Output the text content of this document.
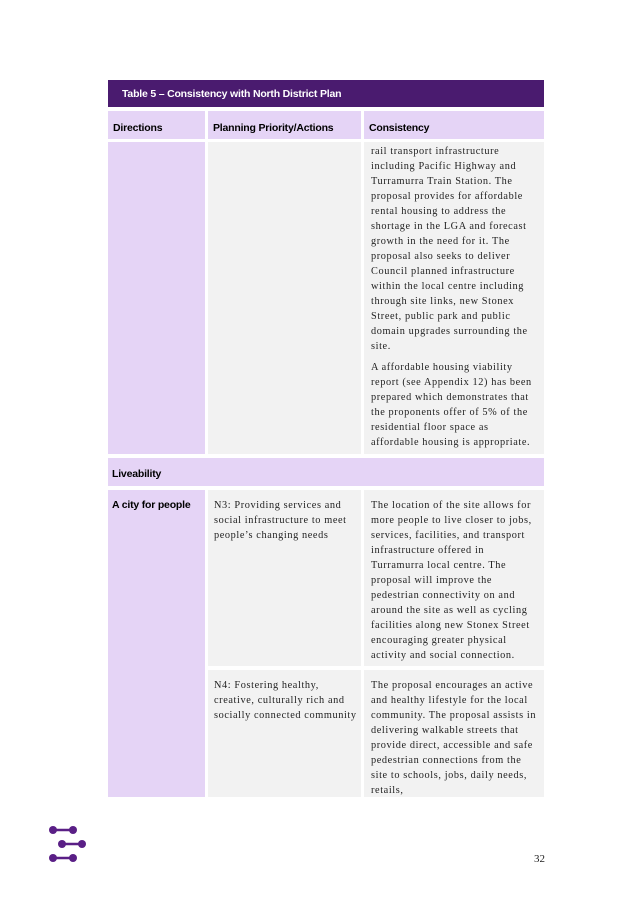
Table 5 – Consistency with North District Plan
Directions	Planning Priority/Actions	Consistency

rail transport infrastructure including Pacific Highway and Turramurra Train Station. The proposal provides for affordable rental housing to address the shortage in the LGA and forecast growth in the need for it. The proposal also seeks to deliver Council planned infrastructure within the local centre including through site links, new Stonex Street, public park and public domain upgrades surrounding the site.

A affordable housing viability report (see Appendix 12) has been prepared which demonstrates that the proponents offer of 5% of the residential floor space as affordable housing is appropriate.

Liveability
A city for people N3: Providing services and social infrastructure to meet people’s changing needs

The location of the site allows for more people to live closer to jobs, services, facilities, and transport infrastructure offered in Turramurra local centre. The proposal will improve the pedestrian connectivity on and around the site as well as cycling facilities along new Stonex Street encouraging greater physical activity and social connection.

N4: Fostering healthy, creative, culturally rich and socially connected community

The proposal encourages an active and healthy lifestyle for the local community. The proposal assists in delivering walkable streets that provide direct, accessible and safe pedestrian connections from the site to schools, jobs, daily needs, retails,

32
